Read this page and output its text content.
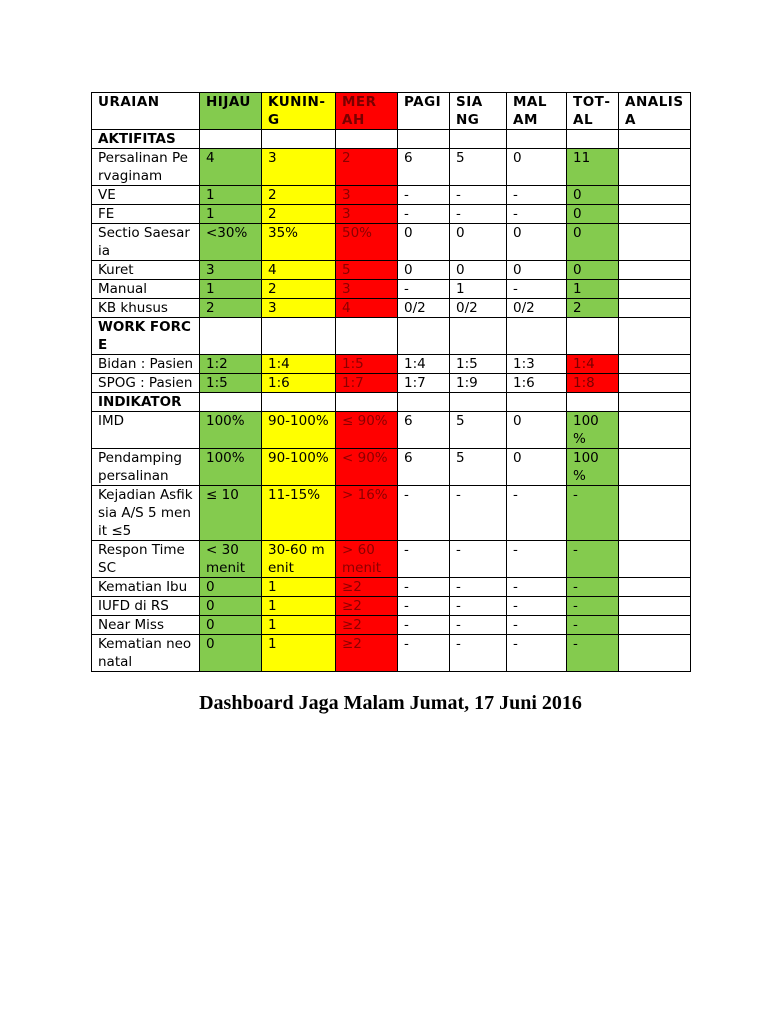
URAIAN	HIJAU	KUNING	MERAH	PAGI	SIANG	MALAM	TOTAL	ANALISA
AKTIFITAS								
Persalinan Pervaginam	4	3	2	6	5	0	11	
VE	1	2	3	-	-	-	0	
FE	1	2	3	-	-	-	0	
Sectio Saesaria	<30%	35%	50%	0	0	0	0	
Kuret	3	4	5	0	0	0	0	
Manual	1	2	3	-	1	-	1	
KB khusus	2	3	4	0/2	0/2	0/2	2	
WORK FORCE								
Bidan : Pasien	1:2	1:4	1:5	1:4	1:5	1:3	1:4	
SPOG : Pasien	1:5	1:6	1:7	1:7	1:9	1:6	1:8	
INDIKATOR								
IMD	100%	90-100%	≤ 90%	6	5	0	100 %	
Pendamping persalinan	100%	90-100%	< 90%	6	5	0	100 %	
Kejadian Asfiksia A/S 5 menit ≤5	≤ 10	11-15%	> 16%	-	-	-	-	
Respon Time SC	< 30 menit	30-60 menit	> 60 menit	-	-	-	-	
Kematian Ibu	0	1	≥2	-	-	-	-	
IUFD di RS	0	1	≥2	-	-	-	-	
Near Miss	0	1	≥2	-	-	-	-	
Kematian neonatal	0	1	≥2	-	-	-	-	
Dashboard Jaga Malam Jumat, 17 Juni 2016
